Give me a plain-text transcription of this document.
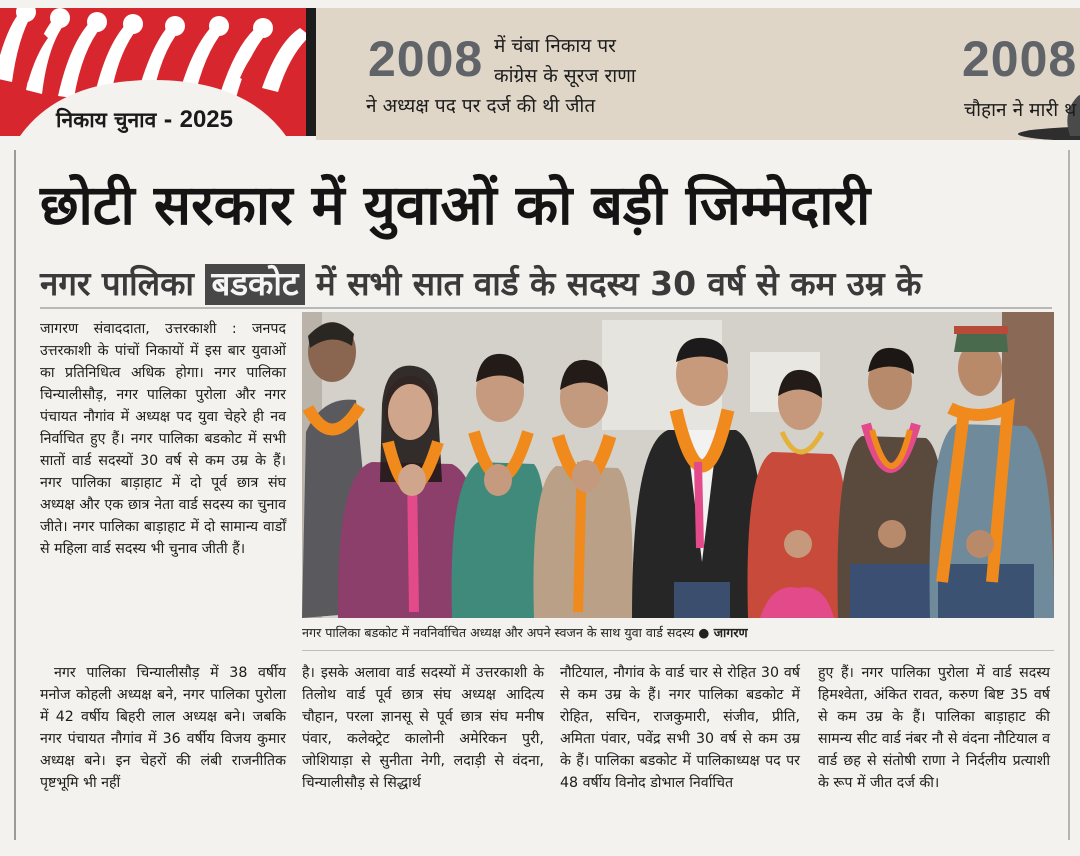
निकाय चुनाव - 2025
2008 में चंबा निकाय पर
कांग्रेस के सूरज राणा
ने अध्यक्ष पद पर दर्ज की थी जीत
2008
चौहान ने मारी थ
छोटी सरकार में युवाओं को बड़ी जिम्मेदारी
नगर पालिका बडकोट में सभी सात वार्ड के सदस्य 30 वर्ष से कम उम्र के

जागरण संवाददाता, उत्तरकाशी : जनपद उत्तरकाशी के पांचों निकायों में इस बार युवाओं का प्रतिनिधित्व अधिक होगा। नगर पालिका चिन्यालीसौड़, नगर पालिका पुरोला और नगर पंचायत नौगांव में अध्यक्ष पद युवा चेहरे ही नव निर्वाचित हुए हैं। नगर पालिका बडकोट में सभी सातों वार्ड सदस्यों 30 वर्ष से कम उम्र के हैं। नगर पालिका बाड़ाहाट में दो पूर्व छात्र संघ अध्यक्ष और एक छात्र नेता वार्ड सदस्य का चुनाव जीते। नगर पालिका बाड़ाहाट में दो सामान्य वार्डों से महिला वार्ड सदस्य भी चुनाव जीती हैं।

नगर पालिका चिन्यालीसौड़ में 38 वर्षीय मनोज कोहली अध्यक्ष बने, नगर पालिका पुरोला में 42 वर्षीय बिहरी लाल अध्यक्ष बने। जबकि नगर पंचायत नौगांव में 36 वर्षीय विजय कुमार अध्यक्ष बने। इन चेहरों की लंबी राजनीतिक पृष्टभूमि भी नहीं

है। इसके अलावा वार्ड सदस्यों में उत्तरकाशी के तिलोथ वार्ड पूर्व छात्र संघ अध्यक्ष आदित्य चौहान, परला ज्ञानसू से पूर्व छात्र संघ मनीष पंवार, कलेक्ट्रेट कालोनी अमेरिकन पुरी, जोशियाड़ा से सुनीता नेगी, लदाड़ी से वंदना, चिन्यालीसौड़ से सिद्धार्थ

नौटियाल, नौगांव के वार्ड चार से रोहित 30 वर्ष से कम उम्र के हैं। नगर पालिका बडकोट में रोहित, सचिन, राजकुमारी, संजीव, प्रीति, अमिता पंवार, पवेंद्र सभी 30 वर्ष से कम उम्र के हैं। पालिका बडकोट में पालिकाध्यक्ष पद पर 48 वर्षीय विनोद डोभाल निर्वाचित

हुए हैं। नगर पालिका पुरोला में वार्ड सदस्य हिमश्वेता, अंकित रावत, करुण बिष्ट 35 वर्ष से कम उम्र के हैं। पालिका बाड़ाहाट की सामन्य सीट वार्ड नंबर नौ से वंदना नौटियाल व वार्ड छह से संतोषी राणा ने निर्दलीय प्रत्याशी के रूप में जीत दर्ज की।

नगर पालिका बडकोट में नवनिर्वाचित अध्यक्ष और अपने स्वजन के साथ युवा वार्ड सदस्य ● जागरण
